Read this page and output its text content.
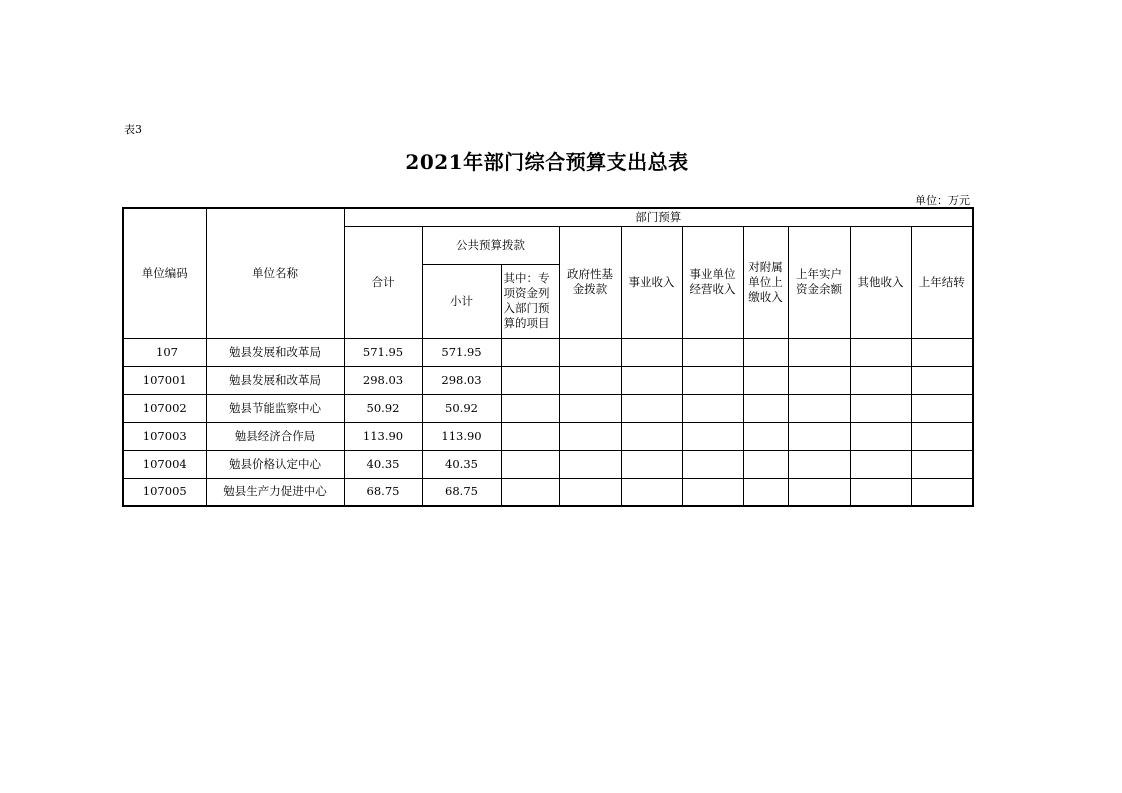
表3
2021年部门综合预算支出总表
单位：万元
单位编码	单位名称	部门预算									
		合计	公共预算拨款		政府性基金拨款	事业收入	事业单位经营收入	对附属单位上缴收入	上年实户资金余额	其他收入	上年结转
			小计	其中：专项资金列入部门预算的项目							
107	勉县发展和改革局	571.95	571.95								
107001	勉县发展和改革局	298.03	298.03								
107002	勉县节能监察中心	50.92	50.92								
107003	勉县经济合作局	113.90	113.90								
107004	勉县价格认定中心	40.35	40.35								
107005	勉县生产力促进中心	68.75	68.75								
